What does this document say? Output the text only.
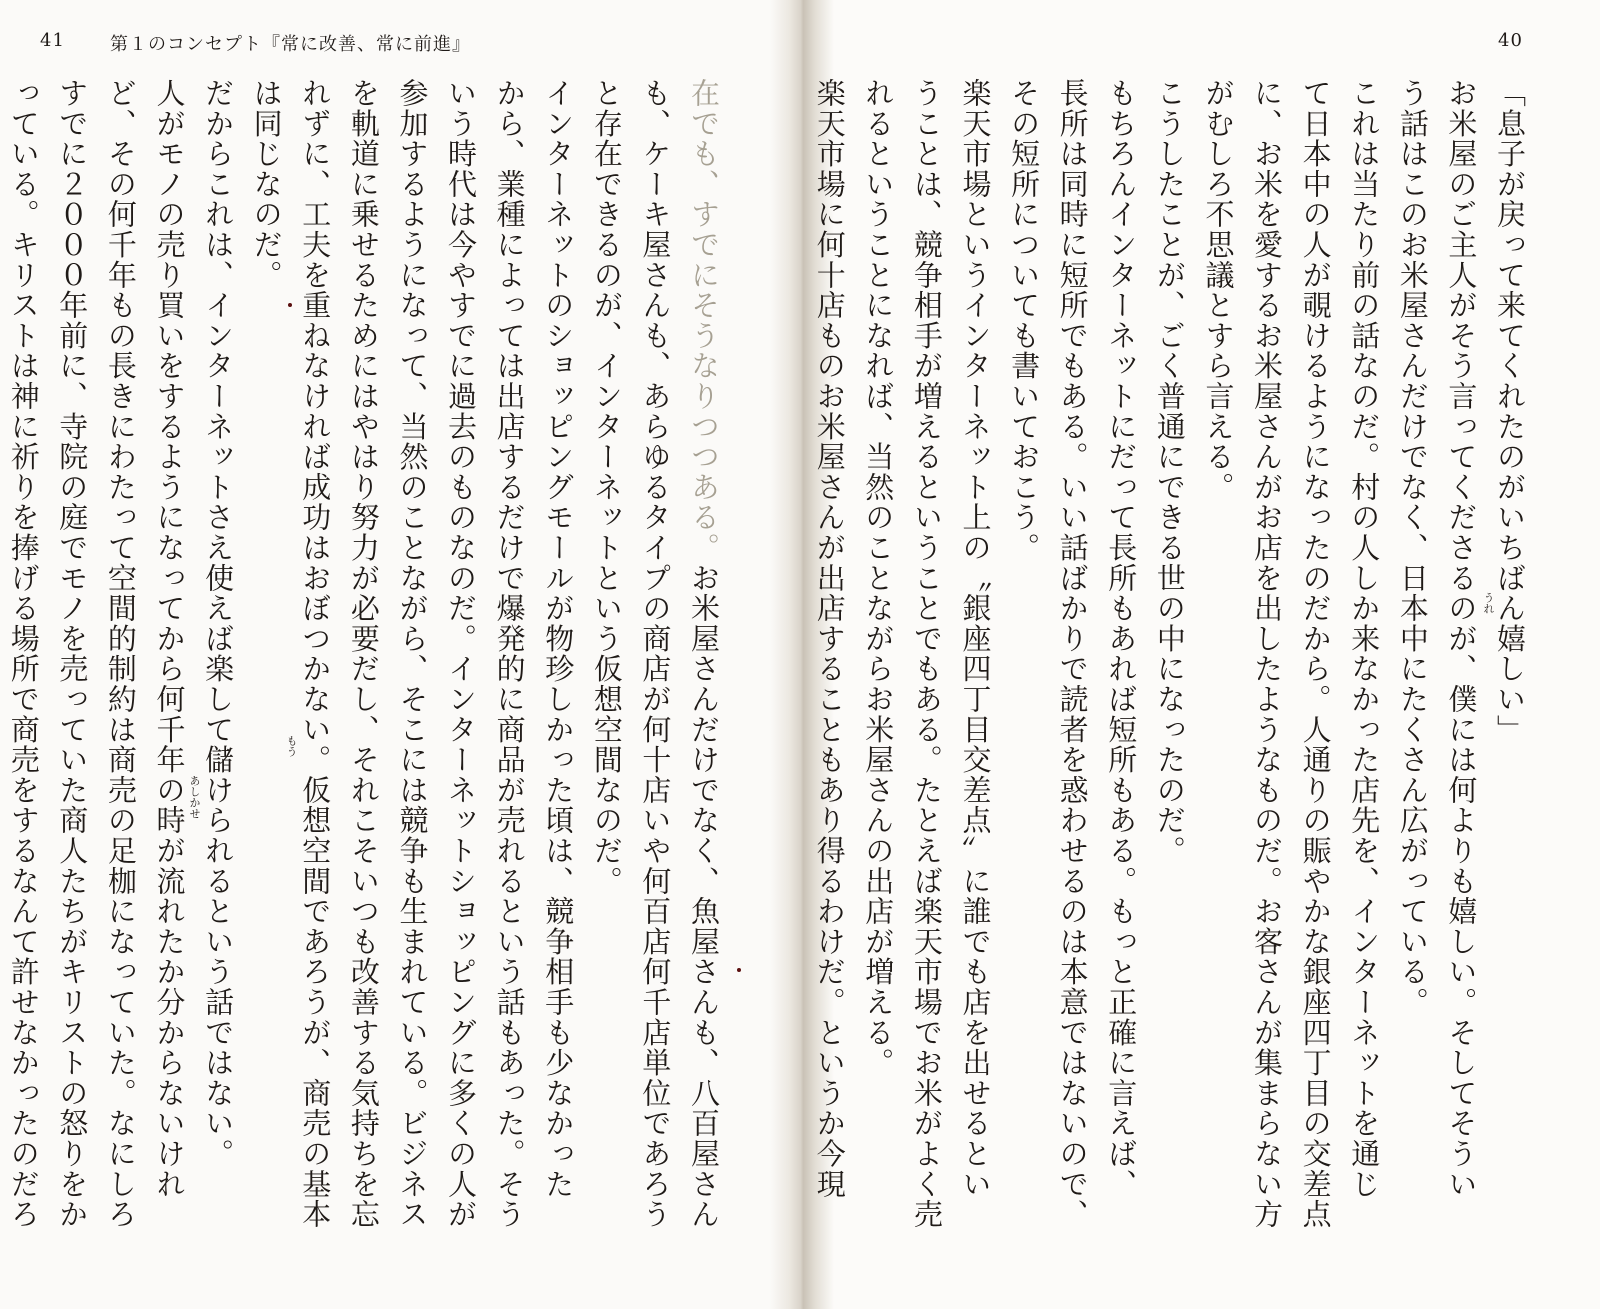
41	第１のコンセプト『常に改善、常に前進』	40
「息子が戻って来てくれたのがいちばん嬉しい」
お米屋のご主人がそう言ってくださるのが、僕には何よりも嬉しい。そしてそうい
う話はこのお米屋さんだけでなく、日本中にたくさん広がっている。
これは当たり前の話なのだ。村の人しか来なかった店先を、インターネットを通じ
て日本中の人が覗けるようになったのだから。人通りの賑やかな銀座四丁目の交差点
に、お米を愛するお米屋さんがお店を出したようなものだ。お客さんが集まらない方
がむしろ不思議とすら言える。
こうしたことが、ごく普通にできる世の中になったのだ。
もちろんインターネットにだって長所もあれば短所もある。もっと正確に言えば、
長所は同時に短所でもある。いい話ばかりで読者を惑わせるのは本意ではないので、
その短所についても書いておこう。
楽天市場というインターネット上の〝銀座四丁目交差点〟に誰でも店を出せるとい
うことは、競争相手が増えるということでもある。たとえば楽天市場でお米がよく売
れるということになれば、当然のことながらお米屋さんの出店が増える。
楽天市場に何十店ものお米屋さんが出店することもあり得るわけだ。というか今現
在でも、すでにそうなりつつある。お米屋さんだけでなく、魚屋さんも、八百屋さん
も、ケーキ屋さんも、あらゆるタイプの商店が何十店いや何百店何千店単位であろう
と存在できるのが、インターネットという仮想空間なのだ。
インターネットのショッピングモールが物珍しかった頃は、競争相手も少なかった
から、業種によっては出店するだけで爆発的に商品が売れるという話もあった。そう
いう時代は今やすでに過去のものなのだ。インターネットショッピングに多くの人が
参加するようになって、当然のことながら、そこには競争も生まれている。ビジネス
を軌道に乗せるためにはやはり努力が必要だし、それこそいつも改善する気持ちを忘
れずに、工夫を重ねなければ成功はおぼつかない。仮想空間であろうが、商売の基本
は同じなのだ。
だからこれは、インターネットさえ使えば楽して儲けられるという話ではない。
人がモノの売り買いをするようになってから何千年の時が流れたか分からないけれ
ど、その何千年もの長きにわたって空間的制約は商売の足枷になっていた。なにしろ
すでに２０００年前に、寺院の庭でモノを売っていた商人たちがキリストの怒りをか
っている。キリストは神に祈りを捧げる場所で商売をするなんて許せなかったのだろ	うれ
もう
あしかせ
